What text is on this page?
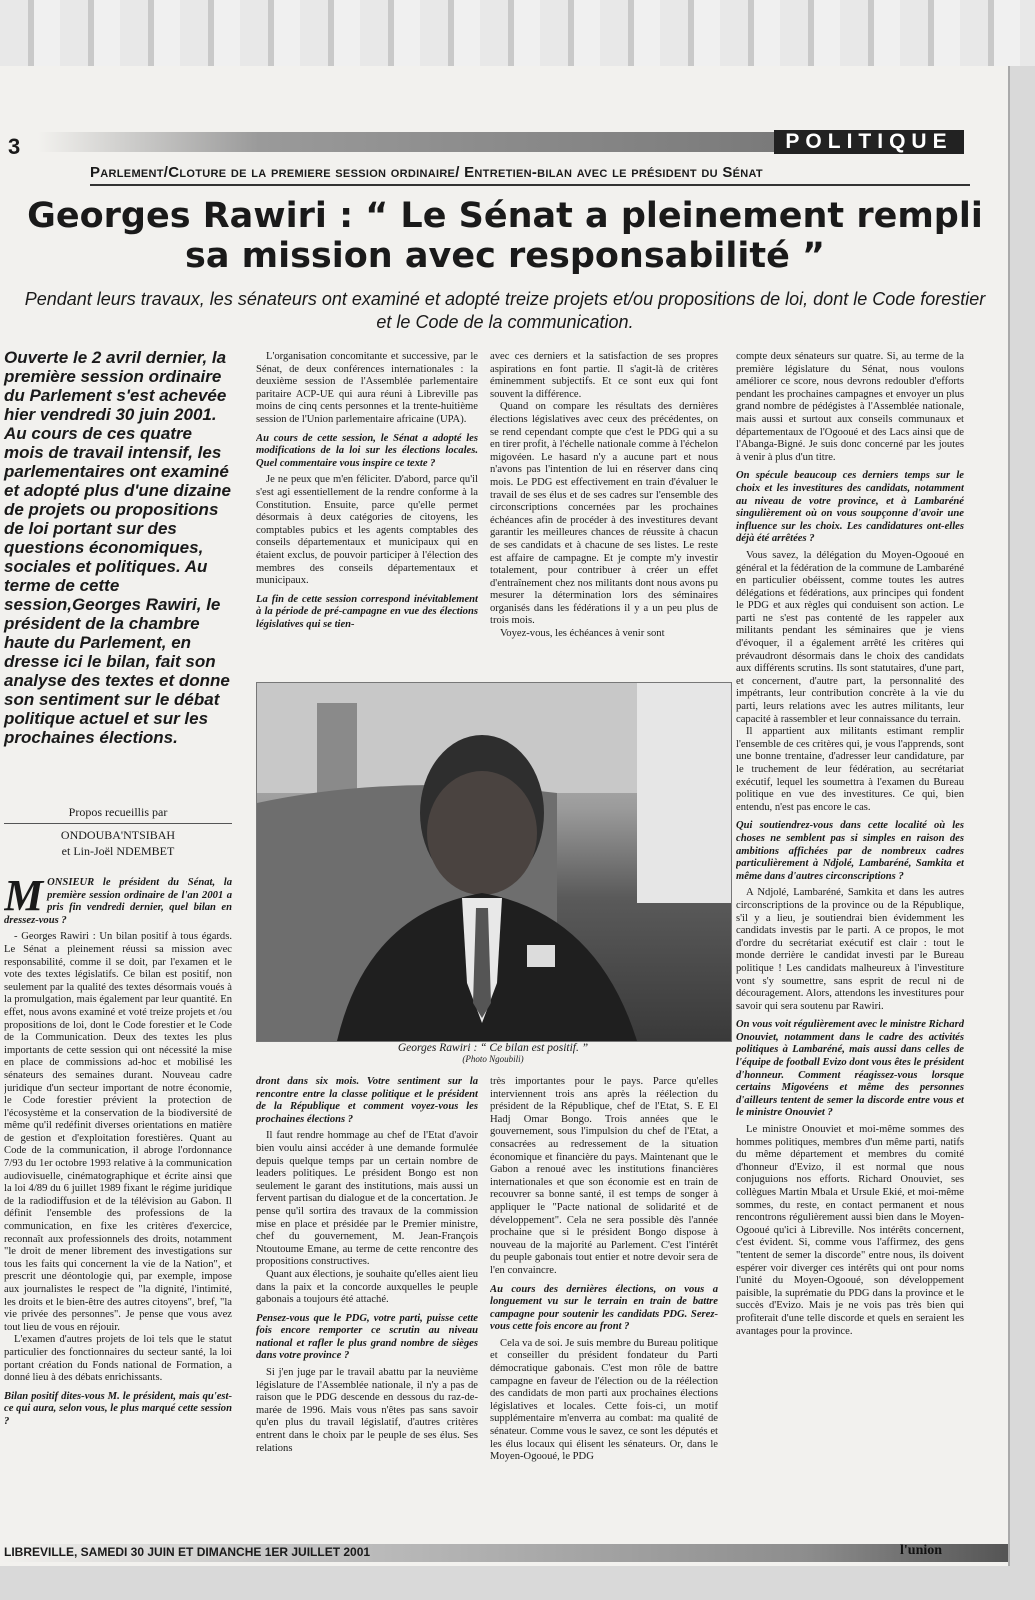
3	POLITIQUE
Parlement/Cloture de la premiere session ordinaire/ Entretien-bilan avec le président du Sénat
Georges Rawiri : “ Le Sénat a pleinement rempli sa mission avec responsabilité ”
Pendant leurs travaux, les sénateurs ont examiné et adopté treize projets et/ou propositions de loi, dont le Code forestier et le Code de la communication.
Ouverte le 2 avril dernier, la première session ordinaire du Parlement s'est achevée hier vendredi 30 juin 2001. Au cours de ces quatre mois de travail intensif, les parlementaires ont examiné et adopté plus d'une dizaine de projets ou propositions de loi portant sur des questions économiques, sociales et politiques. Au terme de cette session,Georges Rawiri, le président de la chambre haute du Parlement, en dresse ici le bilan, fait son analyse des textes et donne son sentiment sur le débat politique actuel et sur les prochaines élections.
Propos recueillis par
ONDOUBA'NTSIBAH
et Lin-Joël NDEMBET

MONSIEUR le président du Sénat, la première session ordinaire de l'an 2001 a pris fin vendredi dernier, quel bilan en dressez-vous ?

- Georges Rawiri : Un bilan positif à tous égards. Le Sénat a pleinement réussi sa mission avec responsabilité, comme il se doit, par l'examen et le vote des textes législatifs. Ce bilan est positif, non seulement par la qualité des textes désormais voués à la promulgation, mais également par leur quantité. En effet, nous avons examiné et voté treize projets et /ou propositions de loi, dont le Code forestier et le Code de la Communication. Deux des textes les plus importants de cette session qui ont nécessité la mise en place de commissions ad-hoc et mobilisé les sénateurs des semaines durant. Nouveau cadre juridique d'un secteur important de notre économie, le Code forestier prévient la protection de l'écosystème et la conservation de la biodiversité de même qu'il redéfinit diverses orientations en matière de gestion et d'exploitation forestières. Quant au Code de la communication, il abroge l'ordonnance 7/93 du 1er octobre 1993 relative à la communication audiovisuelle, cinématographique et écrite ainsi que la loi 4/89 du 6 juillet 1989 fixant le régime juridique de la radiodiffusion et de la télévision au Gabon. Il définit l'ensemble des professions de la communication, en fixe les critères d'exercice, reconnaît aux professionnels des droits, notamment "le droit de mener librement des investigations sur tous les faits qui concernent la vie de la Nation", et prescrit une déontologie qui, par exemple, impose aux journalistes le respect de "la dignité, l'intimité, les droits et le bien-être des autres citoyens", bref, "la vie privée des personnes". Je pense que vous avez tout lieu de vous en réjouir.

L'examen d'autres projets de loi tels que le statut particulier des fonctionnaires du secteur santé, la loi portant création du Fonds national de Formation, a donné lieu à des débats enrichissants.

Bilan positif dites-vous M. le président, mais qu'est-ce qui aura, selon vous, le plus marqué cette session ?

L'organisation concomitante et successive, par le Sénat, de deux conférences internationales : la deuxième session de l'Assemblée parlementaire paritaire ACP-UE qui aura réuni à Libreville pas moins de cinq cents personnes et la trente-huitième session de l'Union parlementaire africaine (UPA).

Au cours de cette session, le Sénat a adopté les modifications de la loi sur les élections locales. Quel commentaire vous inspire ce texte ?

Je ne peux que m'en féliciter. D'abord, parce qu'il s'est agi essentiellement de la rendre conforme à la Constitution. Ensuite, parce qu'elle permet désormais à deux catégories de citoyens, les comptables pubics et les agents comptables des conseils départementaux et municipaux qui en étaient exclus, de pouvoir participer à l'élection des membres des conseils départementaux et municipaux.

La fin de cette session correspond inévitablement à la période de pré-campagne en vue des élections législatives qui se tien-

avec ces derniers et la satisfaction de ses propres aspirations en font partie. Il s'agit-là de critères éminemment subjectifs. Et ce sont eux qui font souvent la différence.

Quand on compare les résultats des dernières élections législatives avec ceux des précédentes, on se rend cependant compte que c'est le PDG qui a su en tirer profit, à l'échelle nationale comme à l'échelon migovéen. Le hasard n'y a aucune part et nous n'avons pas l'intention de lui en réserver dans cinq mois. Le PDG est effectivement en train d'évaluer le travail de ses élus et de ses cadres sur l'ensemble des circonscriptions concernées par les prochaines échéances afin de procéder à des investitures devant garantir les meilleures chances de réussite à chacun de ses candidats et à chacune de ses listes. Le reste est affaire de campagne. Et je compte m'y investir totalement, pour contribuer à créer un effet d'entraînement chez nos militants dont nous avons pu mesurer la détermination lors des séminaires organisés dans les fédérations il y a un peu plus de trois mois.

Voyez-vous, les échéances à venir sont

compte deux sénateurs sur quatre. Si, au terme de la première législature du Sénat, nous voulons améliorer ce score, nous devrons redoubler d'efforts pendant les prochaines campagnes et envoyer un plus grand nombre de pédégistes à l'Assemblée nationale, mais aussi et surtout aux conseils communaux et départementaux de l'Ogooué et des Lacs ainsi que de l'Abanga-Bigné. Je suis donc concerné par les joutes à venir à plus d'un titre.

On spécule beaucoup ces derniers temps sur le choix et les investitures des candidats, notamment au niveau de votre province, et à Lambaréné singulièrement où on vous soupçonne d'avoir une influence sur les choix. Les candidatures ont-elles déjà été arrêtées ?

Vous savez, la délégation du Moyen-Ogooué en général et la fédération de la commune de Lambaréné en particulier obéissent, comme toutes les autres délégations et fédérations, aux principes qui fondent le PDG et aux règles qui conduisent son action. Le parti ne s'est pas contenté de les rappeler aux militants pendant les séminaires que je viens d'évoquer, il a également arrêté les critères qui prévaudront désormais dans le choix des candidats aux différents scrutins. Ils sont statutaires, d'une part, et concernent, d'autre part, la personnalité des impétrants, leur contribution concrète à la vie du parti, leurs relations avec les autres militants, leur capacité à rassembler et leur connaissance du terrain.

Il appartient aux militants estimant remplir l'ensemble de ces critères qui, je vous l'apprends, sont une bonne trentaine, d'adresser leur candidature, par le truchement de leur fédération, au secrétariat exécutif, lequel les soumettra à l'examen du Bureau politique en vue des investitures. Ce qui, bien entendu, n'est pas encore le cas.

Qui soutiendrez-vous dans cette localité où les choses ne semblent pas si simples en raison des ambitions affichées par de nombreux cadres particulièrement à Ndjolé, Lambaréné, Samkita et même dans d'autres circonscriptions ?

A Ndjolé, Lambaréné, Samkita et dans les autres circonscriptions de la province ou de la République, s'il y a lieu, je soutiendrai bien évidemment les candidats investis par le parti. A ce propos, le mot d'ordre du secrétariat exécutif est clair : tout le monde derrière le candidat investi par le Bureau politique ! Les candidats malheureux à l'investiture vont s'y soumettre, sans esprit de recul ni de découragement. Alors, attendons les investitures pour savoir qui sera soutenu par Rawiri.

On vous voit régulièrement avec le ministre Richard Onouviet, notamment dans le cadre des activités politiques à Lambaréné, mais aussi dans celles de l'équipe de football Evizo dont vous êtes le président d'honneur. Comment réagissez-vous lorsque certains Migovéens et même des personnes d'ailleurs tentent de semer la discorde entre vous et le ministre Onouviet ?

Le ministre Onouviet et moi-même sommes des hommes politiques, membres d'un même parti, natifs du même département et membres du comité d'honneur d'Evizo, il est normal que nous conjuguions nos efforts. Richard Onouviet, ses collègues Martin Mbala et Ursule Ekié, et moi-même sommes, du reste, en contact permanent et nous rencontrons régulièrement aussi bien dans le Moyen-Ogooué qu'ici à Libreville. Nos intérêts concernent, c'est évident. Si, comme vous l'affirmez, des gens "tentent de semer la discorde" entre nous, ils doivent espérer voir diverger ces intérêts qui ont pour noms l'unité du Moyen-Ogooué, son développement paisible, la suprématie du PDG dans la province et le succès d'Evizo. Mais je ne vois pas très bien qui profiterait d'une telle discorde et quels en seraient les avantages pour la province.

Georges Rawiri : “ Ce bilan est positif. ”
(Photo Ngoubili)

dront dans six mois. Votre sentiment sur la rencontre entre la classe politique et le président de la République et comment voyez-vous les prochaines élections ?

Il faut rendre hommage au chef de l'Etat d'avoir bien voulu ainsi accéder à une demande formulée depuis quelque temps par un certain nombre de leaders politiques. Le président Bongo est non seulement le garant des institutions, mais aussi un fervent partisan du dialogue et de la concertation. Je pense qu'il sortira des travaux de la commission mise en place et présidée par le Premier ministre, chef du gouvernement, M. Jean-François Ntoutoume Emane, au terme de cette rencontre des propositions constructives.

Quant aux élections, je souhaite qu'elles aient lieu dans la paix et la concorde auxquelles le peuple gabonais a toujours été attaché.

Pensez-vous que le PDG, votre parti, puisse cette fois encore remporter ce scrutin au niveau national et rafler le plus grand nombre de sièges dans votre province ?

Si j'en juge par le travail abattu par la neuvième législature de l'Assemblée nationale, il n'y a pas de raison que le PDG descende en dessous du raz-de-marée de 1996. Mais vous n'êtes pas sans savoir qu'en plus du travail législatif, d'autres critères entrent dans le choix par le peuple de ses élus. Ses relations

très importantes pour le pays. Parce qu'elles interviennent trois ans après la réélection du président de la République, chef de l'Etat, S. E El Hadj Omar Bongo. Trois années que le gouvernement, sous l'impulsion du chef de l'Etat, a consacrées au redressement de la situation économique et financière du pays. Maintenant que le Gabon a renoué avec les institutions financières internationales et que son économie est en train de recouvrer sa bonne santé, il est temps de songer à appliquer le "Pacte national de solidarité et de développement". Cela ne sera possible dès l'année prochaine que si le président Bongo dispose à nouveau de la majorité au Parlement. C'est l'intérêt du peuple gabonais tout entier et notre devoir sera de l'en convaincre.

Au cours des dernières élections, on vous a longuement vu sur le terrain en train de battre campagne pour soutenir les candidats PDG. Serez-vous cette fois encore au front ?

Cela va de soi. Je suis membre du Bureau politique et conseiller du président fondateur du Parti démocratique gabonais. C'est mon rôle de battre campagne en faveur de l'élection ou de la réélection des candidats de mon parti aux prochaines élections législatives et locales. Cette fois-ci, un motif supplémentaire m'enverra au combat: ma qualité de sénateur. Comme vous le savez, ce sont les députés et les élus locaux qui élisent les sénateurs. Or, dans le Moyen-Ogooué, le PDG

LIBREVILLE, SAMEDI 30 JUIN ET DIMANCHE 1ER JUILLET 2001	l'union
